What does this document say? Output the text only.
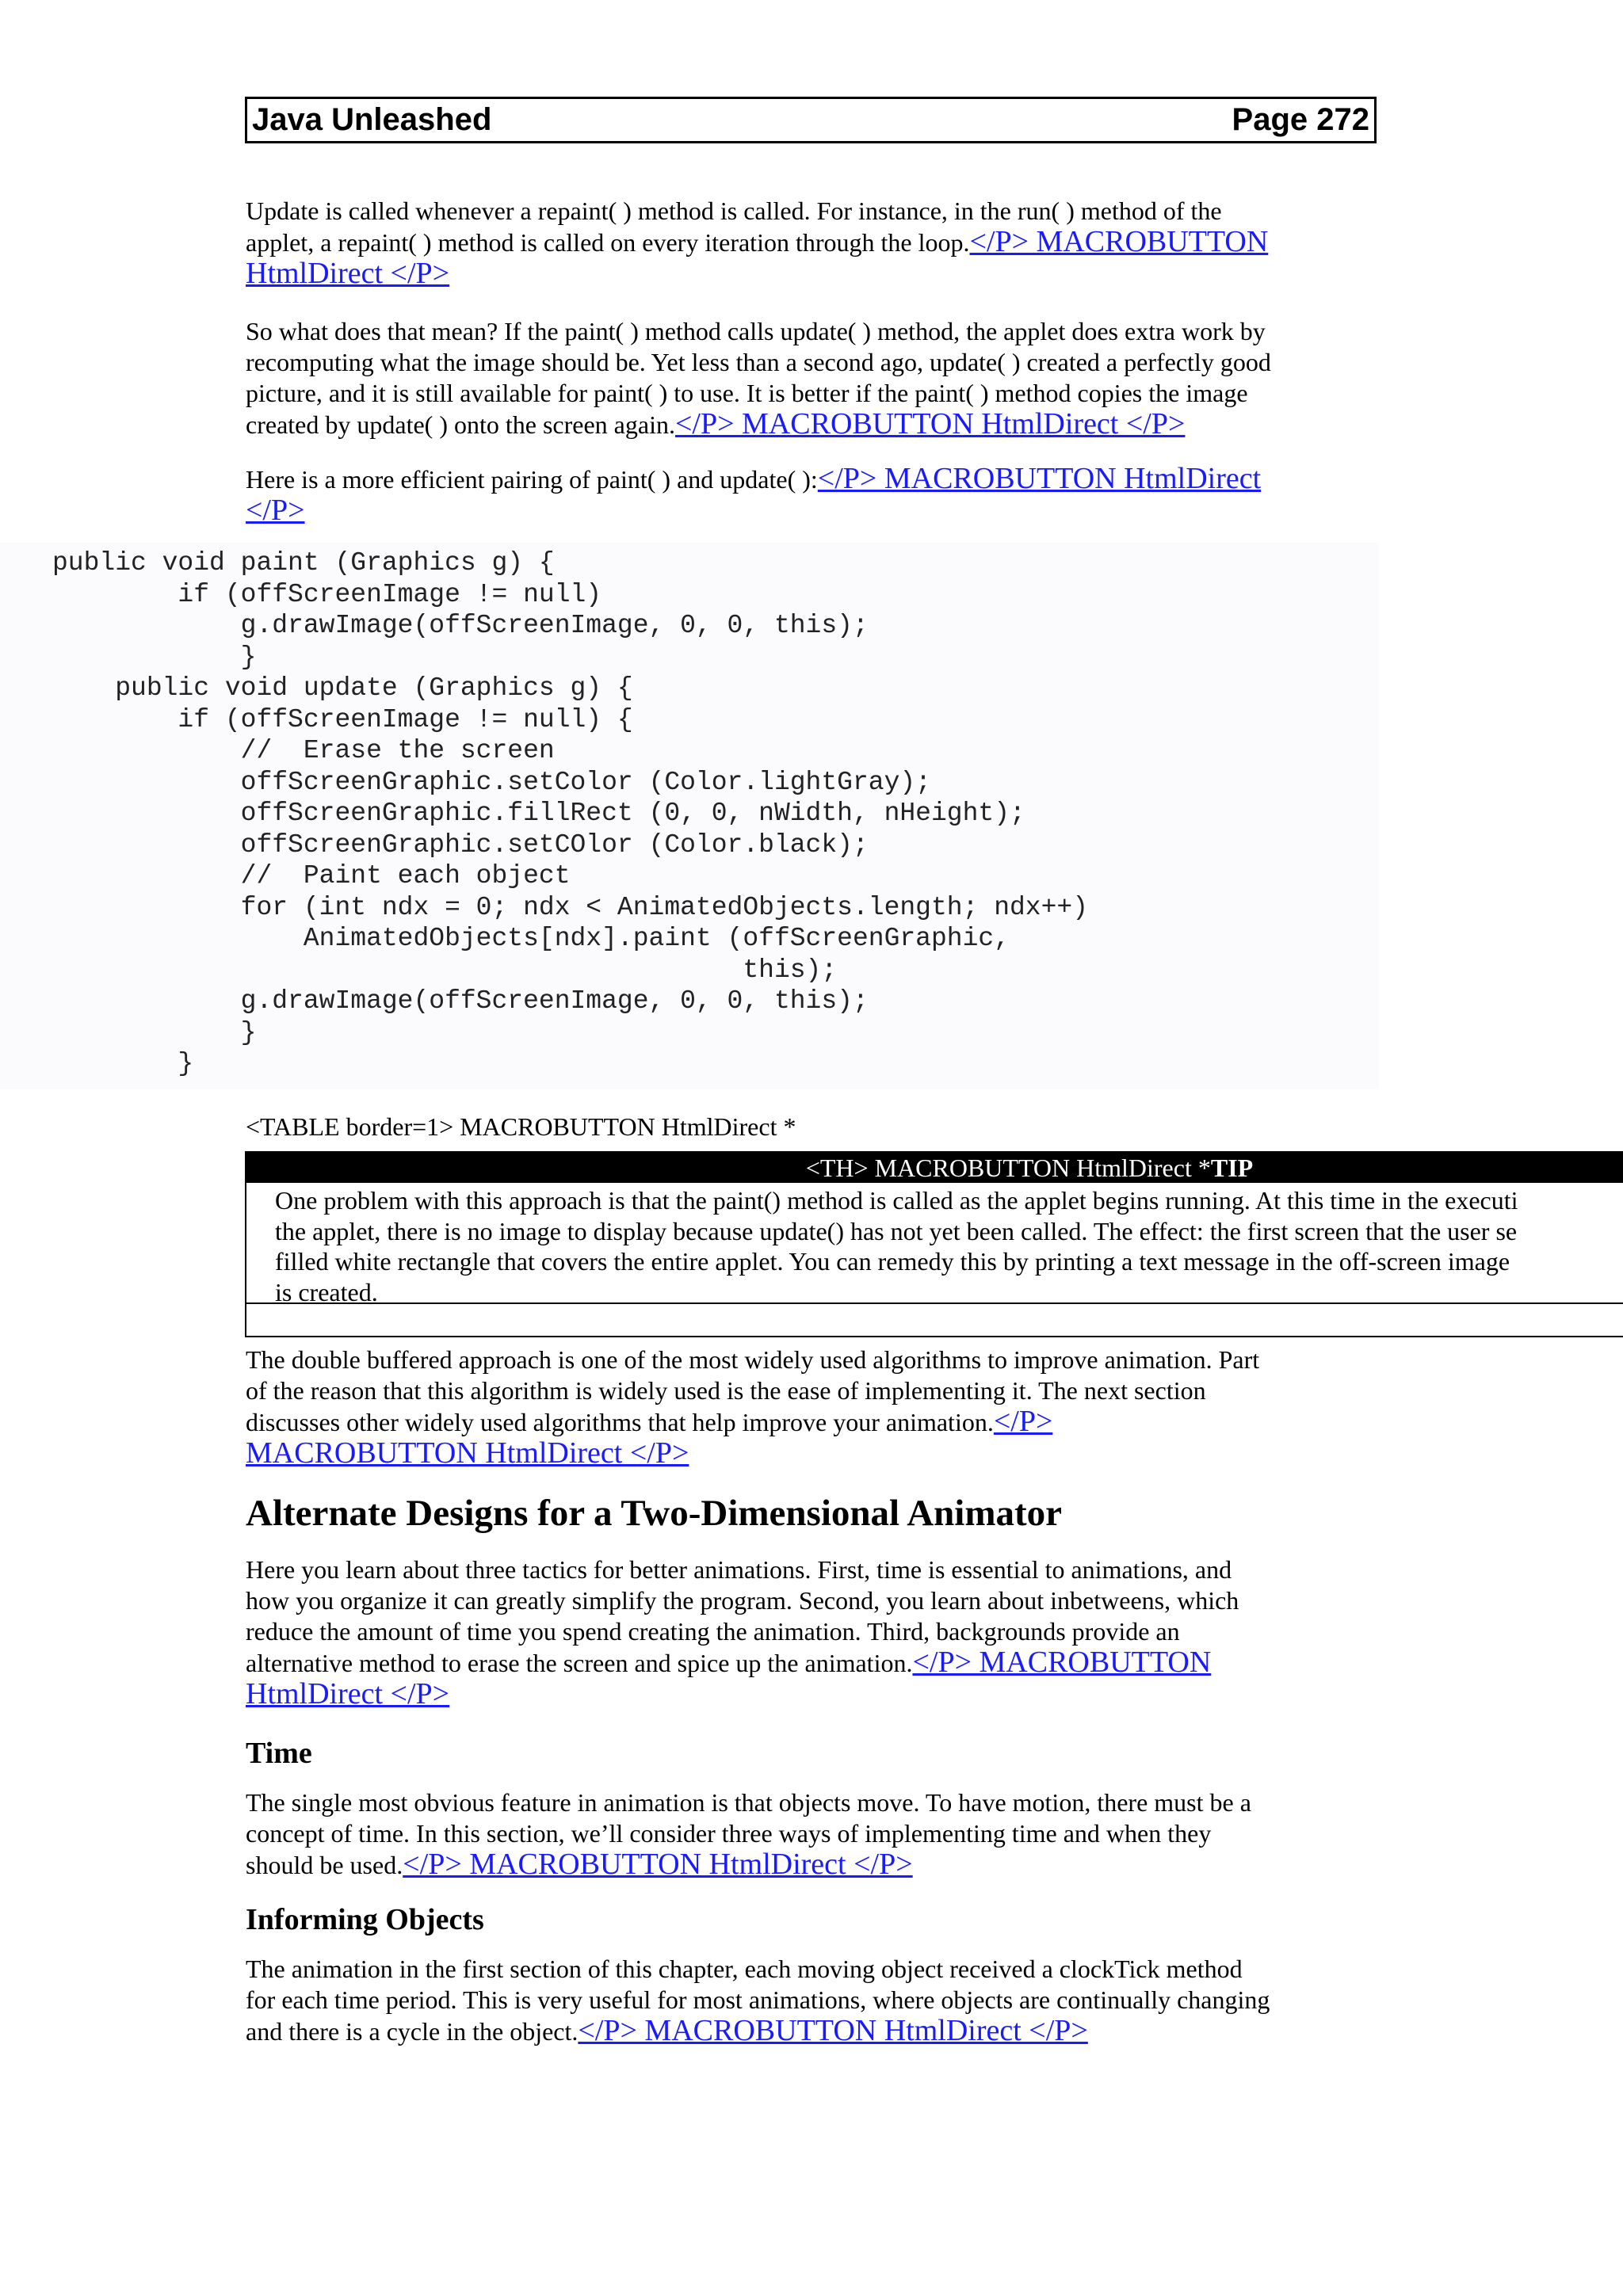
Java Unleashed	Page 272

Update is called whenever a repaint( ) method is called. For instance, in the run( ) method of the
applet, a repaint( ) method is called on every iteration through the loop.</P> MACROBUTTON
HtmlDirect </P>

So what does that mean? If the paint( ) method calls update( ) method, the applet does extra work by
recomputing what the image should be. Yet less than a second ago, update( ) created a perfectly good
picture, and it is still available for paint( ) to use. It is better if the paint( ) method copies the image
created by update( ) onto the screen again.</P> MACROBUTTON HtmlDirect </P>

Here is a more efficient pairing of paint( ) and update( ):</P> MACROBUTTON HtmlDirect
</P>

public void paint (Graphics g) {
if (offScreenImage != null)
g.drawImage(offScreenImage, 0, 0, this);
}
public void update (Graphics g) {
if (offScreenImage != null) {
//  Erase the screen
offScreenGraphic.setColor (Color.lightGray);
offScreenGraphic.fillRect (0, 0, nWidth, nHeight);
offScreenGraphic.setCOlor (Color.black);
//  Paint each object
for (int ndx = 0; ndx < AnimatedObjects.length; ndx++)
AnimatedObjects[ndx].paint (offScreenGraphic,
this);
g.drawImage(offScreenImage, 0, 0, this);
}
}
<TABLE border=1> MACROBUTTON HtmlDirect *
<TH> MACROBUTTON HtmlDirect *TIP
One problem with this approach is that the paint() method is called as the applet begins running. At this time in the executi
the applet, there is no image to display because update() has not yet been called. The effect: the first screen that the user se
filled white rectangle that covers the entire applet. You can remedy this by printing a text message in the off-screen image
is created.

The double buffered approach is one of the most widely used algorithms to improve animation. Part
of the reason that this algorithm is widely used is the ease of implementing it. The next section
discusses other widely used algorithms that help improve your animation.</P>
MACROBUTTON HtmlDirect </P>

Alternate Designs for a Two-Dimensional Animator

Here you learn about three tactics for better animations. First, time is essential to animations, and
how you organize it can greatly simplify the program. Second, you learn about inbetweens, which
reduce the amount of time you spend creating the animation. Third, backgrounds provide an
alternative method to erase the screen and spice up the animation.</P> MACROBUTTON
HtmlDirect </P>

Time

The single most obvious feature in animation is that objects move. To have motion, there must be a
concept of time. In this section, we’ll consider three ways of implementing time and when they
should be used.</P> MACROBUTTON HtmlDirect </P>

Informing Objects

The animation in the first section of this chapter, each moving object received a clockTick method
for each time period. This is very useful for most animations, where objects are continually changing
and there is a cycle in the object.</P> MACROBUTTON HtmlDirect </P>
